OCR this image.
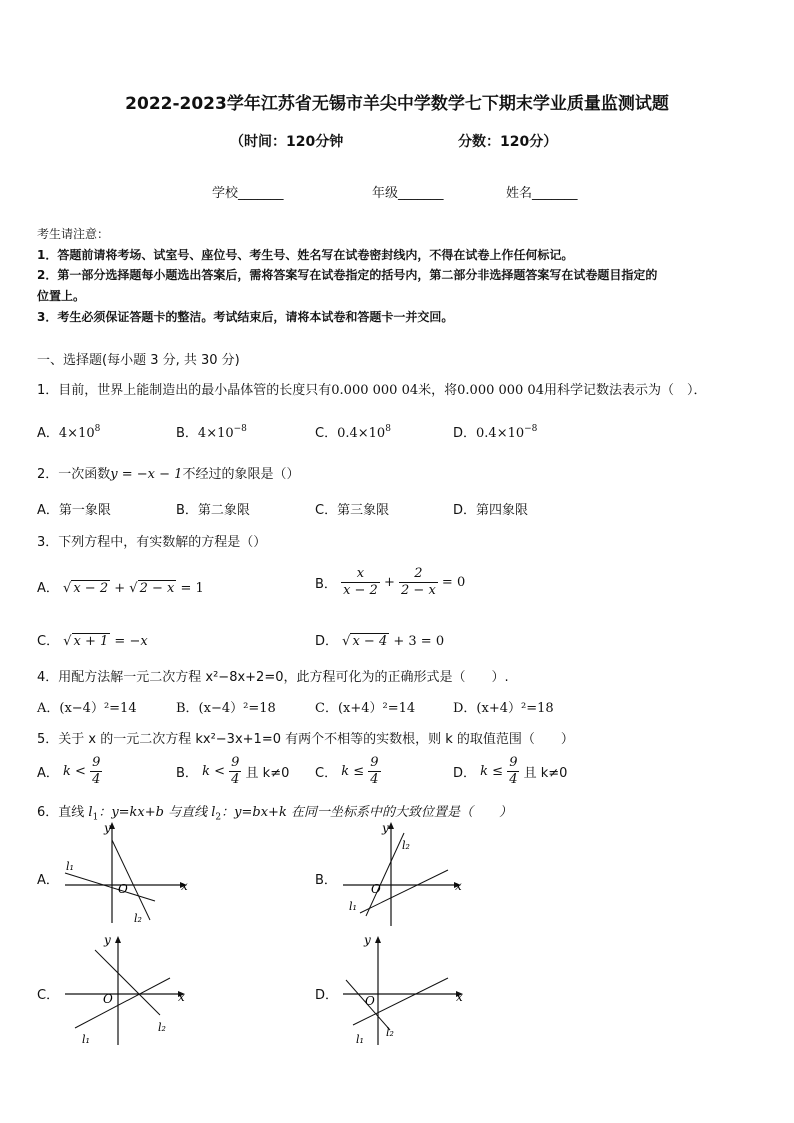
2022-2023学年江苏省无锡市羊尖中学数学七下期末学业质量监测试题
（时间：120分钟	分数：120分）
学校_______	年级_______	姓名_______
考生请注意：
1．答题前请将考场、试室号、座位号、考生号、姓名写在试卷密封线内，不得在试卷上作任何标记。
2．第一部分选择题每小题选出答案后，需将答案写在试卷指定的括号内，第二部分非选择题答案写在试卷题目指定的
位置上。
3．考生必须保证答题卡的整洁。考试结束后，请将本试卷和答题卡一并交回。
一、选择题(每小题 3 分, 共 30 分)
1．目前，世界上能制造出的最小晶体管的长度只有0.000 000 04米，将0.000 000 04用科学记数法表示为（　）．
A．$4\times 10^8$	B．$4\times 10^{-8}$	C．$0.4\times 10^8$	D．$0.4\times 10^{-8}$
2．一次函数y = −x − 1不经过的象限是（）
A．第一象限	B．第二象限	C．第三象限	D．第四象限
3．下列方程中，有实数解的方程是（）
A． √ x − 2 + √ 2 − x = 1	B． $\frac{x}{x - 2} + \frac{2}{2 - x} = 0$
C． √ x + 1 = −x	D． √ x − 4 + 3 = 0
4．用配方法解一元二次方程 x²−8x+2=0，此方程可化为的正确形式是（　　）.
A．(x−4）²=14	B．(x−4）²=18	C．(x+4）²=14	D．(x+4）²=18
5．关于 x 的一元二次方程 kx²−3x+1=0 有两个不相等的实数根，则 k 的取值范围（　　）
A． $k < \frac{9}{4}$	B． $k < \frac{9}{4}$ 且 k≠0 C． $k \le \frac{9}{4}$	D． $k \le \frac{9}{4}$ 且 k≠0
6．直线 $l_1$：y=kx+b 与直线 $l_2$：y=bx+k 在同一坐标系中的大致位置是（　　）
A．	B．
C．	D．
x
y
O
l₁
l₂
x
y
O
l₁
l₂
x
y
O
l₁
l₂
x
y
O
l₁
l₂
